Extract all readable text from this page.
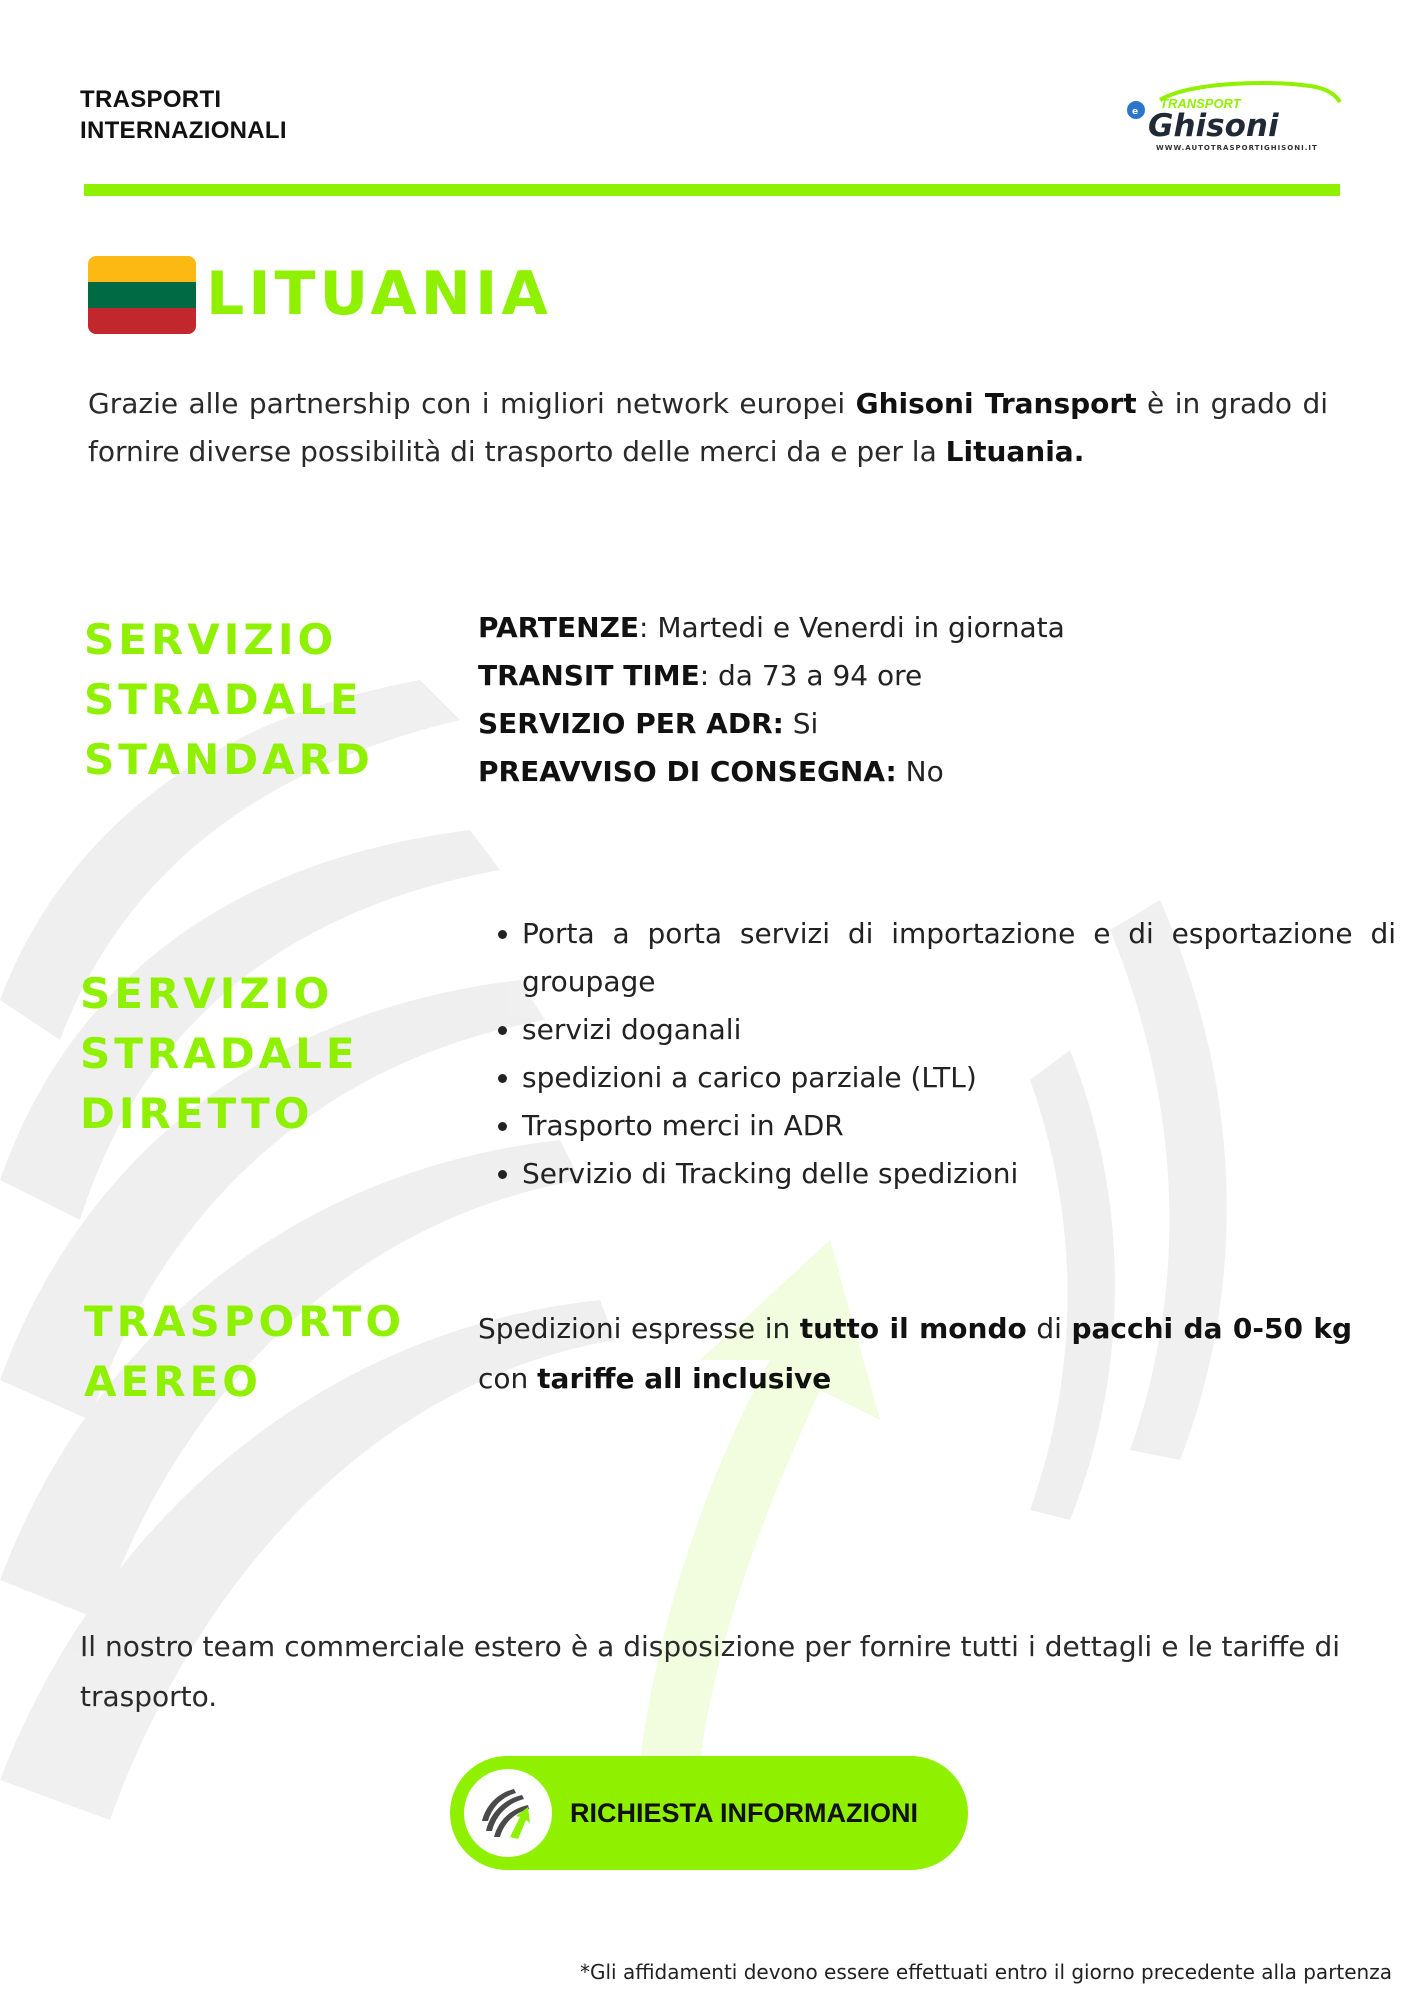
TRASPORTI
INTERNAZIONALI
e
TRANSPORT
Ghisoni
WWW.AUTOTRASPORTIGHISONI.IT
LITUANIA
Grazie alle partnership con i migliori network europei Ghisoni Transport è in grado di fornire diverse possibilità di trasporto delle merci da e per la Lituania.
SERVIZIO
STRADALE
STANDARD
PARTENZE: Martedi e Venerdi in giornata
TRANSIT TIME: da 73 a 94 ore
SERVIZIO PER ADR: Si
PREAVVISO DI CONSEGNA: No
SERVIZIO
STRADALE
DIRETTO
• Porta a porta servizi di importazione e di esportazione di groupage
• servizi doganali
• spedizioni a carico parziale (LTL)
• Trasporto merci in ADR
• Servizio di Tracking delle spedizioni
TRASPORTO
AEREO
Spedizioni espresse in tutto il mondo di pacchi da 0-50 kg con tariffe all inclusive
Il nostro team commerciale estero è a disposizione per fornire tutti i dettagli e le tariffe di trasporto.
RICHIESTA INFORMAZIONI
*Gli affidamenti devono essere effettuati entro il giorno precedente alla partenza
